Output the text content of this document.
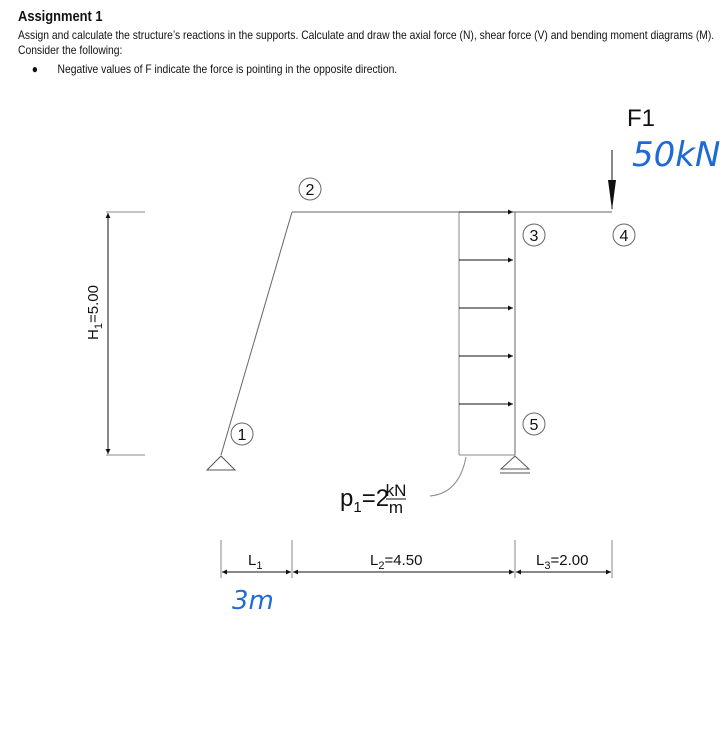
Assignment 1

Assign and calculate the structure’s reactions in the supports. Calculate and draw the axial force (N), shear force (V) and bending moment diagrams (M). Consider the following:

● Negative values of F indicate the force is pointing in the opposite direction.
F1
50kN
1
2
3	4
5
$p_1=2$
kN
m
$H_1=5.00$
$L_1$	$L_2=4.50$	$L_3=2.00$
3m
